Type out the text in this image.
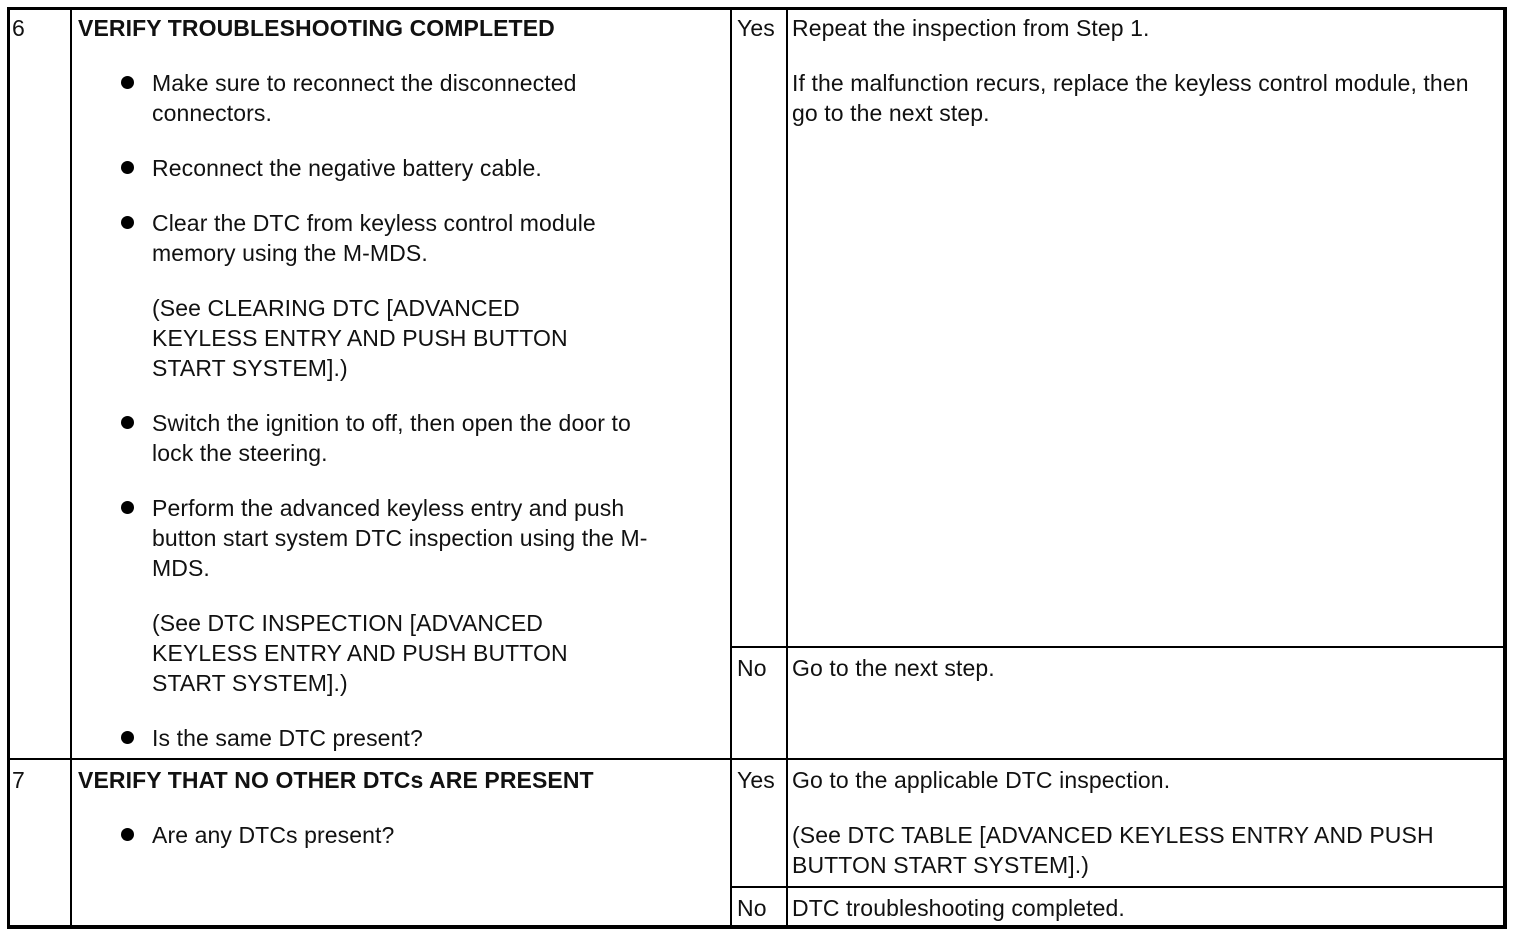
6 VERIFY TROUBLESHOOTING COMPLETED

Make sure to reconnect the disconnected connectors.
Reconnect the negative battery cable.
Clear the DTC from keyless control module memory using the M-MDS.
(See CLEARING DTC [ADVANCED KEYLESS ENTRY AND PUSH BUTTON START SYSTEM].)
Switch the ignition to off, then open the door to lock the steering.
Perform the advanced keyless entry and push button start system DTC inspection using the M-MDS.
(See DTC INSPECTION [ADVANCED KEYLESS ENTRY AND PUSH BUTTON START SYSTEM].)
Is the same DTC present?
Yes Repeat the inspection from Step 1.

If the malfunction recurs, replace the keyless control module, then go to the next step.

No Go to the next step.

7 VERIFY THAT NO OTHER DTCs ARE PRESENT

Are any DTCs present?
Yes Go to the applicable DTC inspection.

(See DTC TABLE [ADVANCED KEYLESS ENTRY AND PUSH BUTTON START SYSTEM].)

No DTC troubleshooting completed.
